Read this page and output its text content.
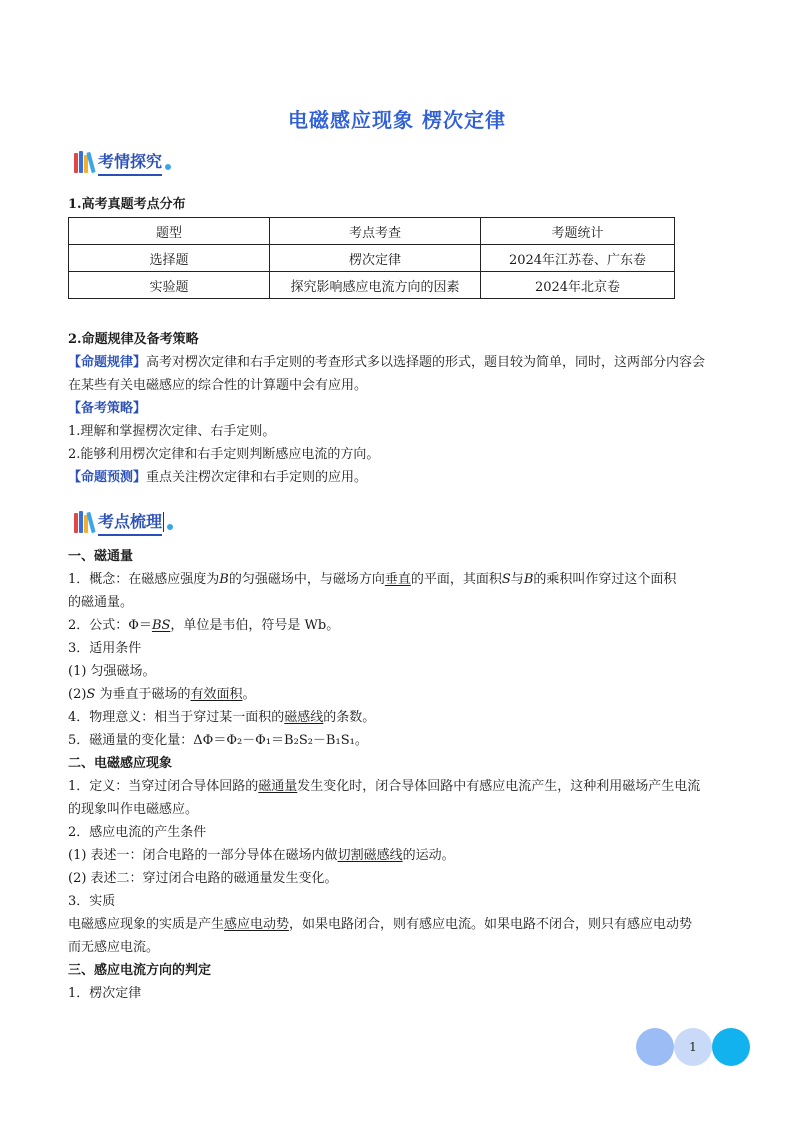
电磁感应现象 楞次定律
考情探究
1.高考真题考点分布
题型	考点考查	考题统计
选择题	楞次定律	2024年江苏卷、广东卷
实验题	探究影响感应电流方向的因素	2024年北京卷

2.命题规律及备考策略

【命题规律】高考对楞次定律和右手定则的考查形式多以选择题的形式，题目较为简单，同时，这两部分内容会

在某些有关电磁感应的综合性的计算题中会有应用。

【备考策略】

1.理解和掌握楞次定律、右手定则。

2.能够利用楞次定律和右手定则判断感应电流的方向。

【命题预测】重点关注楞次定律和右手定则的应用。

考点梳理

一、磁通量

1．概念：在磁感应强度为B的匀强磁场中，与磁场方向垂直的平面，其面积S与B的乘积叫作穿过这个面积

的磁通量。

2．公式：Φ＝BS，单位是韦伯，符号是 Wb。

3．适用条件

(1) 匀强磁场。

(2)S 为垂直于磁场的有效面积。

4．物理意义：相当于穿过某一面积的磁感线的条数。

5．磁通量的变化量：ΔΦ＝Φ₂－Φ₁＝B₂S₂－B₁S₁。

二、电磁感应现象

1．定义：当穿过闭合导体回路的磁通量发生变化时，闭合导体回路中有感应电流产生，这种利用磁场产生电流

的现象叫作电磁感应。

2．感应电流的产生条件

(1) 表述一：闭合电路的一部分导体在磁场内做切割磁感线的运动。

(2) 表述二：穿过闭合电路的磁通量发生变化。

3．实质

电磁感应现象的实质是产生感应电动势，如果电路闭合，则有感应电流。如果电路不闭合，则只有感应电动势

而无感应电流。

三、感应电流方向的判定

1．楞次定律

1
